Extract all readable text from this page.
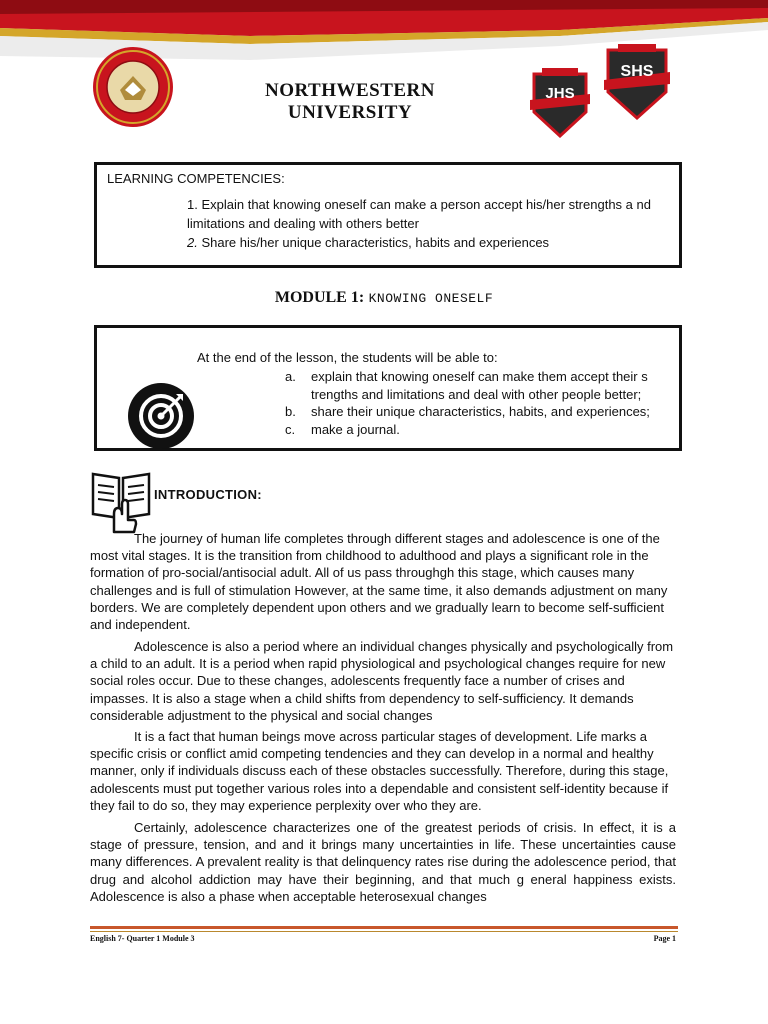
NORTHWESTERN
UNIVERSITY
JHS
SHS
LEARNING COMPETENCIES:
1. Explain that knowing oneself can make a person accept his/her strengths a nd limitations and dealing with others better
2. Share his/her unique characteristics, habits and experiences
MODULE 1: KNOWING ONESELF
At the end of the lesson, the students will be able to:
a. explain that knowing oneself can make them accept their s trengths and limitations and deal with other people better;
b. share their unique characteristics, habits, and experiences;
c. make a journal.
INTRODUCTION:

The journey of human life completes through different stages and adolescence is one of the most vital stages. It is the transition from childhood to adulthood and plays a significant role in the formation of pro-social/antisocial adult. All of us pass throughgh this stage, which causes many challenges and is full of stimulation However, at the same time, it also demands adjustment on many borders. We are completely dependent upon others and we gradually learn to become self-sufficient and independent.

Adolescence is also a period where an individual changes physically and psychologically from a child to an adult. It is a period when rapid physiological and psychological changes require for new social roles occur. Due to these changes, adolescents frequently face a number of crises and impasses. It is also a stage when a child shifts from dependency to self-sufficiency. It demands considerable adjustment to the physical and social changes

It is a fact that human beings move across particular stages of development. Life marks a specific crisis or conflict amid competing tendencies and they can develop in a normal and healthy manner, only if individuals discuss each of these obstacles successfully. Therefore, during this stage, adolescents must put together various roles into a dependable and consistent self-identity because if they fail to do so, they may experience perplexity over who they are.

Certainly, adolescence characterizes one of the greatest periods of crisis. In effect, it is a stage of pressure, tension, and and it brings many uncertainties in life. These uncertainties cause many differences. A prevalent reality is that delinquency rates rise during the adolescence period, that drug and alcohol addiction may have their beginning, and that much g eneral happiness exists. Adolescence is also a phase when acceptable heterosexual changes

English 7- Quarter 1 Module 3	Page 1
